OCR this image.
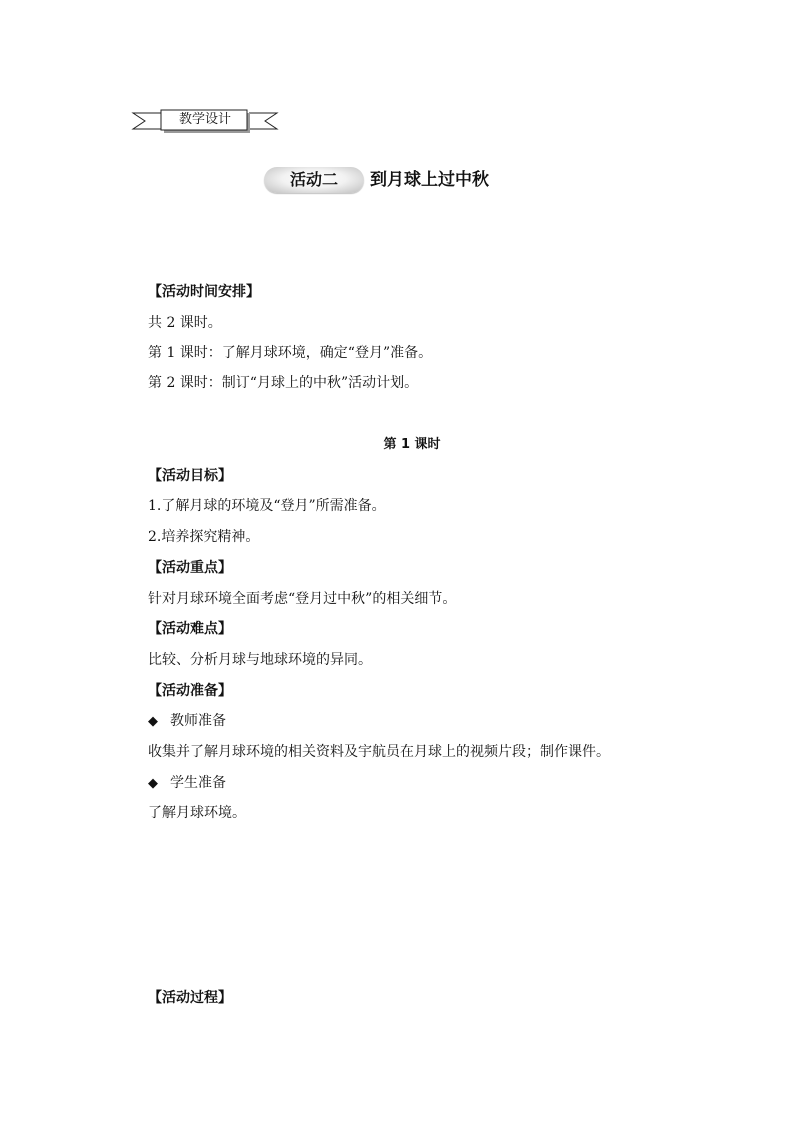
教学设计
活动二	到月球上过中秋
【活动时间安排】
共 2 课时。
第 1 课时：了解月球环境，确定“登月”准备。
第 2 课时：制订“月球上的中秋”活动计划。
第 1 课时
【活动目标】
1.了解月球的环境及“登月”所需准备。
2.培养探究精神。
【活动重点】
针对月球环境全面考虑“登月过中秋”的相关细节。
【活动难点】
比较、分析月球与地球环境的异同。
【活动准备】
◆ 教师准备
收集并了解月球环境的相关资料及宇航员在月球上的视频片段；制作课件。
◆ 学生准备
了解月球环境。
【活动过程】
